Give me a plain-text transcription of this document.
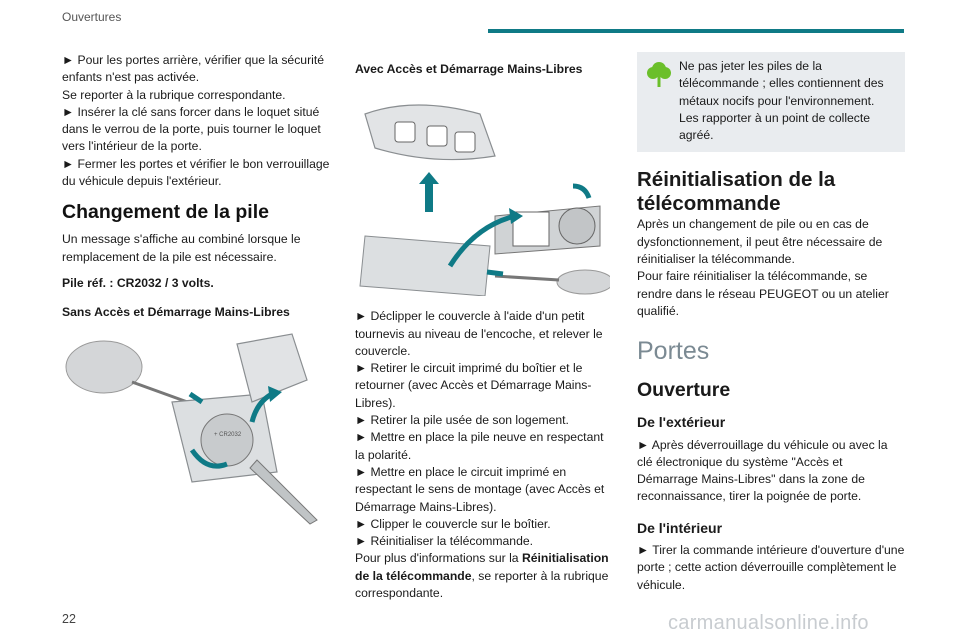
Ouvertures

► Pour les portes arrière, vérifier que la sécurité enfants n'est pas activée.

Se reporter à la rubrique correspondante.

► Insérer la clé sans forcer dans le loquet situé dans le verrou de la porte, puis tourner le loquet vers l'intérieur de la porte.

► Fermer les portes et vérifier le bon verrouillage du véhicule depuis l'extérieur.

Changement de la pile

Un message s'affiche au combiné lorsque le remplacement de la pile est nécessaire.

Pile réf. : CR2032 / 3 volts.

Sans Accès et Démarrage Mains-Libres

+ CR2032

Avec Accès et Démarrage Mains-Libres

► Déclipper le couvercle à l'aide d'un petit tournevis au niveau de l'encoche, et relever le couvercle.

► Retirer le circuit imprimé du boîtier et le retourner (avec Accès et Démarrage Mains-Libres).

► Retirer la pile usée de son logement.

► Mettre en place la pile neuve en respectant la polarité.

► Mettre en place le circuit imprimé en respectant le sens de montage (avec Accès et Démarrage Mains-Libres).

► Clipper le couvercle sur le boîtier.

► Réinitialiser la télécommande.

Pour plus d'informations sur la Réinitialisation de la télécommande, se reporter à la rubrique correspondante.

Ne pas jeter les piles de la télécommande ; elles contiennent des métaux nocifs pour l'environnement. Les rapporter à un point de collecte agréé.

Réinitialisation de la télécommande

Après un changement de pile ou en cas de dysfonctionnement, il peut être nécessaire de réinitialiser la télécommande.

Pour faire réinitialiser la télécommande, se rendre dans le réseau PEUGEOT ou un atelier qualifié.

Portes

Ouverture

De l'extérieur

► Après déverrouillage du véhicule ou avec la clé électronique du système "Accès et Démarrage Mains-Libres" dans la zone de reconnaissance, tirer la poignée de porte.

De l'intérieur

► Tirer la commande intérieure d'ouverture d'une porte ; cette action déverrouille complètement le véhicule.

22	carmanualsonline.info
